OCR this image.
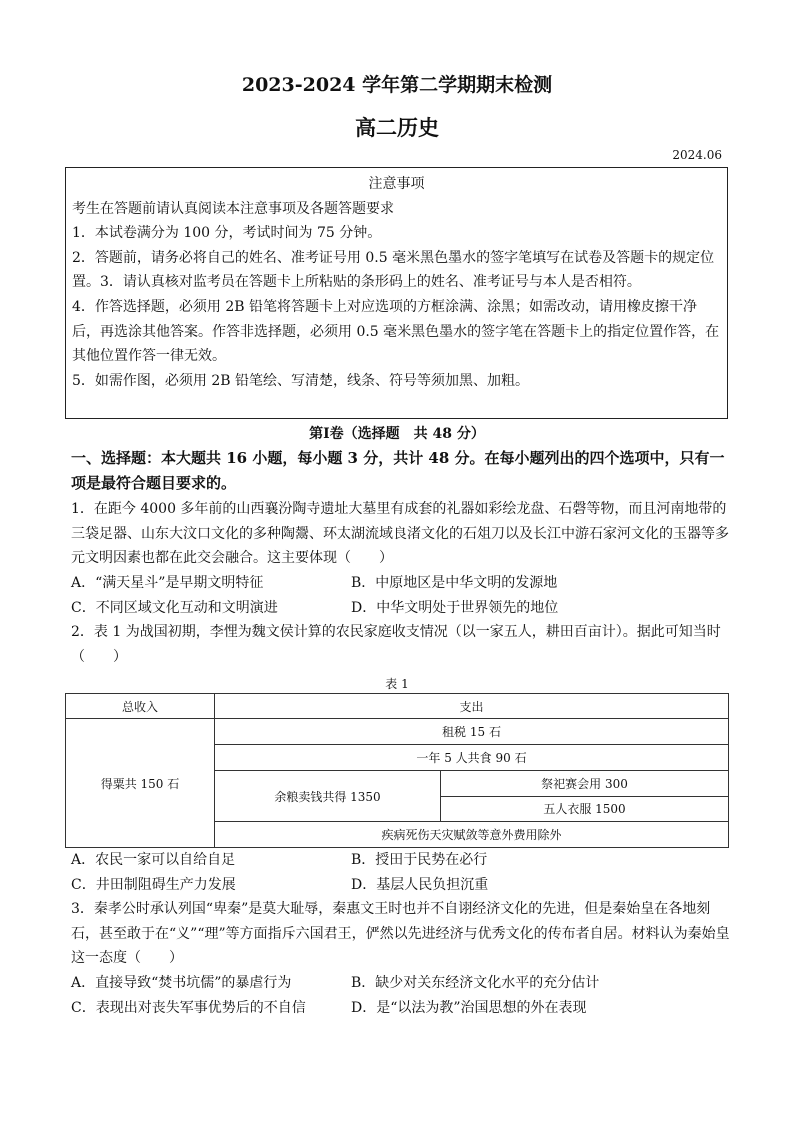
2023-2024 学年第二学期期末检测
高二历史
2024.06

注意事项

考生在答题前请认真阅读本注意事项及各题答题要求

1．本试卷满分为 100 分，考试时间为 75 分钟。

2．答题前，请务必将自己的姓名、准考证号用 0.5 毫米黑色墨水的签字笔填写在试卷及答题卡的规定位置。3．请认真核对监考员在答题卡上所粘贴的条形码上的姓名、准考证号与本人是否相符。

4．作答选择题，必须用 2B 铅笔将答题卡上对应选项的方框涂满、涂黑；如需改动，请用橡皮擦干净后，再选涂其他答案。作答非选择题，必须用 0.5 毫米黑色墨水的签字笔在答题卡上的指定位置作答，在其他位置作答一律无效。

5．如需作图，必须用 2B 铅笔绘、写清楚，线条、符号等须加黑、加粗。

第Ⅰ卷（选择题　共 48 分）

一、选择题：本大题共 16 小题，每小题 3 分，共计 48 分。在每小题列出的四个选项中，只有一项是最符合题目要求的。

1．在距今 4000 多年前的山西襄汾陶寺遗址大墓里有成套的礼器如彩绘龙盘、石磬等物，而且河南地带的三袋足器、山东大汶口文化的多种陶鬶、环太湖流域良渚文化的石俎刀以及长江中游石家河文化的玉器等多元文明因素也都在此交会融合。这主要体现（　　）

A．“满天星斗”是早期文明特征	B．中原地区是中华文明的发源地
C．不同区域文化互动和文明演进	D．中华文明处于世界领先的地位

2．表 1 为战国初期，李悝为魏文侯计算的农民家庭收支情况（以一家五人，耕田百亩计）。据此可知当时（　　）

表 1
总收入	支出	
得粟共 150 石	租税 15 石	
	一年 5 人共食 90 石	
	余粮卖钱共得 1350	祭祀赛会用 300
		五人衣服 1500
	疾病死伤天灾赋敛等意外费用除外	
A．农民一家可以自给自足	B．授田于民势在必行
C．井田制阻碍生产力发展	D．基层人民负担沉重

3．秦孝公时承认列国“卑秦”是莫大耻辱，秦惠文王时也并不自诩经济文化的先进，但是秦始皇在各地刻石，甚至敢于在“义”“理”等方面指斥六国君王，俨然以先进经济与优秀文化的传布者自居。材料认为秦始皇这一态度（　　）

A．直接导致“焚书坑儒”的暴虐行为	B．缺少对关东经济文化水平的充分估计
C．表现出对丧失军事优势后的不自信	D．是“以法为教”治国思想的外在表现
